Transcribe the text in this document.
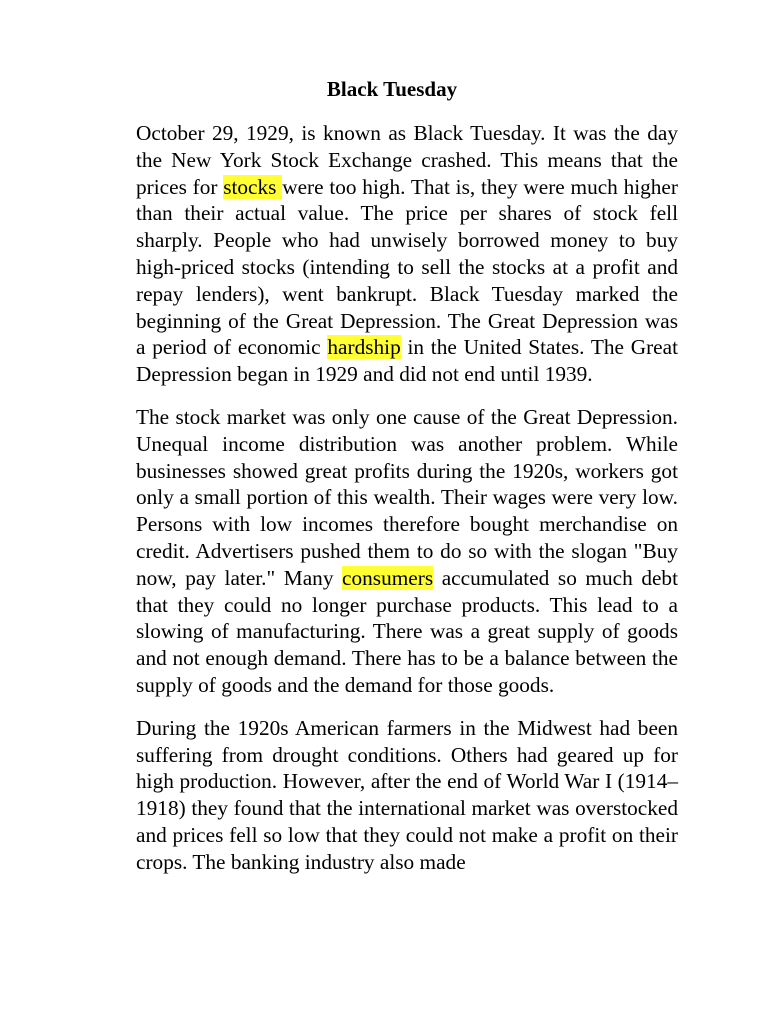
Black Tuesday

October 29, 1929, is known as Black Tuesday. It was the day the New York Stock Exchange crashed. This means that the prices for stocks were too high. That is, they were much higher than their actual value. The price per shares of stock fell sharply. People who had unwisely borrowed money to buy high-priced stocks (intending to sell the stocks at a profit and repay lenders), went bankrupt. Black Tuesday marked the beginning of the Great Depression. The Great Depression was a period of economic hardship in the United States. The Great Depression began in 1929 and did not end until 1939.

The stock market was only one cause of the Great Depression. Unequal income distribution was another problem. While businesses showed great profits during the 1920s, workers got only a small portion of this wealth. Their wages were very low. Persons with low incomes therefore bought merchandise on credit. Advertisers pushed them to do so with the slogan "Buy now, pay later." Many consumers accumulated so much debt that they could no longer purchase products. This lead to a slowing of manufacturing. There was a great supply of goods and not enough demand. There has to be a balance between the supply of goods and the demand for those goods.

During the 1920s American farmers in the Midwest had been suffering from drought conditions. Others had geared up for high production. However, after the end of World War I (1914–1918) they found that the international market was overstocked and prices fell so low that they could not make a profit on their crops. The banking industry also made
